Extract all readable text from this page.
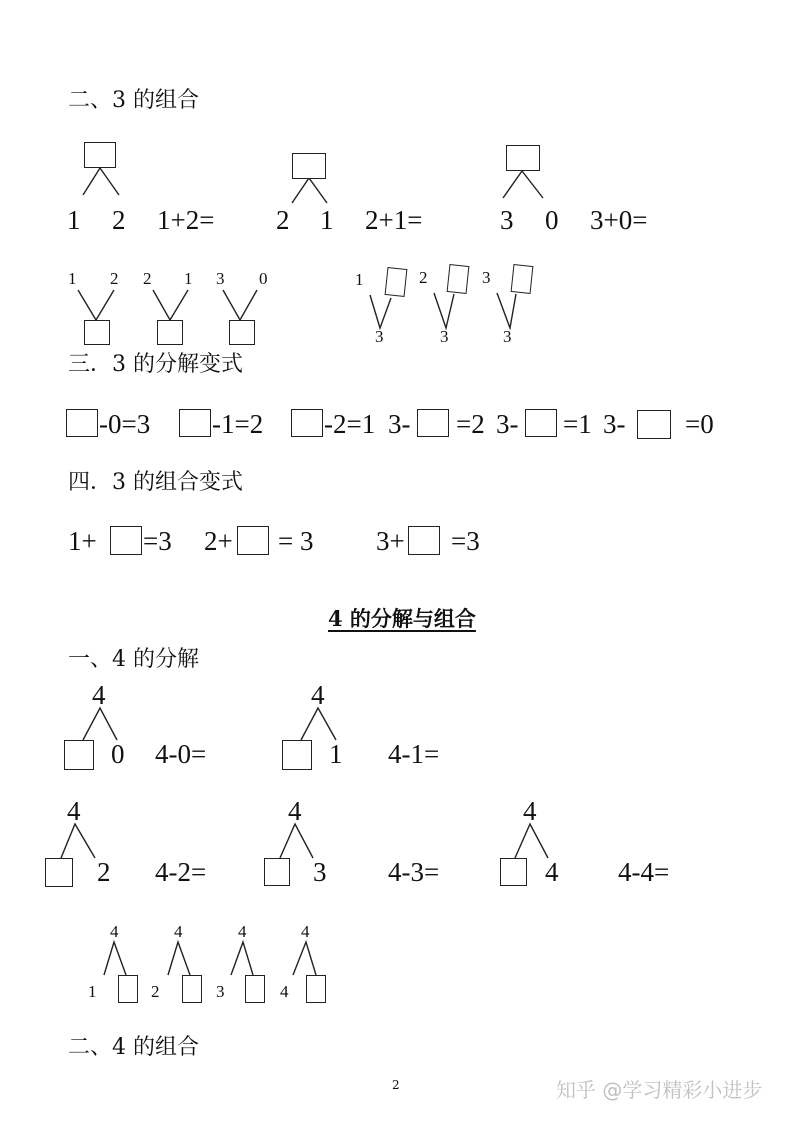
二、3 的组合
1 2 1+2= 2 1 2+1=	3 0 3+0=
1 2 2 1 3 0	1
3
2
3
3
3
三．3 的分解变式
-0=3 -1=2 -2=1 3- =2 3- =1 3- =0
四．3 的组合变式
1+ =3 2+ = 3 3+ =3
4 的分解与组合
一、4 的分解
4
0 4-0=
4
1 4-1=
4
2 4-2=
4
3 4-3=
4
4 4-4=
4
1
4
2
4
3
4
4
二、4 的组合
2	知乎 @学习精彩小进步
